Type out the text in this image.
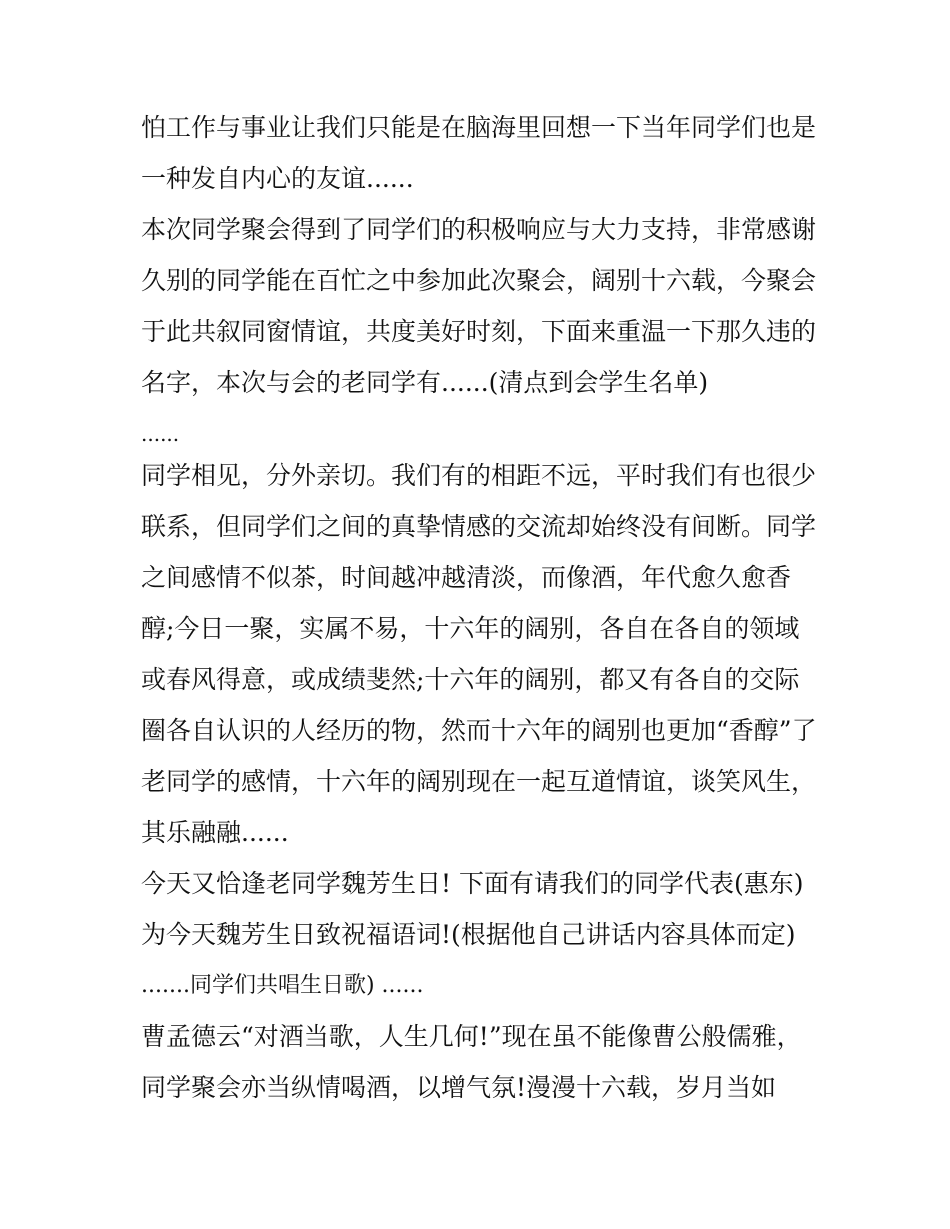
怕工作与事业让我们只能是在脑海里回想一下当年同学们也是
一种发自内心的友谊......
本次同学聚会得到了同学们的积极响应与大力支持，非常感谢
久别的同学能在百忙之中参加此次聚会，阔别十六载，今聚会
于此共叙同窗情谊，共度美好时刻，下面来重温一下那久违的
名字，本次与会的老同学有......(清点到会学生名单)
......
同学相见，分外亲切。我们有的相距不远，平时我们有也很少
联系，但同学们之间的真挚情感的交流却始终没有间断。同学
之间感情不似茶，时间越冲越清淡，而像酒，年代愈久愈香
醇;今日一聚，实属不易，十六年的阔别，各自在各自的领域
或春风得意，或成绩斐然;十六年的阔别，都又有各自的交际
圈各自认识的人经历的物，然而十六年的阔别也更加“香醇”了
老同学的感情，十六年的阔别现在一起互道情谊，谈笑风生，
其乐融融......
今天又恰逢老同学魏芳生日! 下面有请我们的同学代表(惠东)
为今天魏芳生日致祝福语词!(根据他自己讲话内容具体而定)
.......同学们共唱生日歌) ......
曹孟德云“对酒当歌，人生几何!”现在虽不能像曹公般儒雅，
同学聚会亦当纵情喝酒，以增气氛!漫漫十六载，岁月当如
